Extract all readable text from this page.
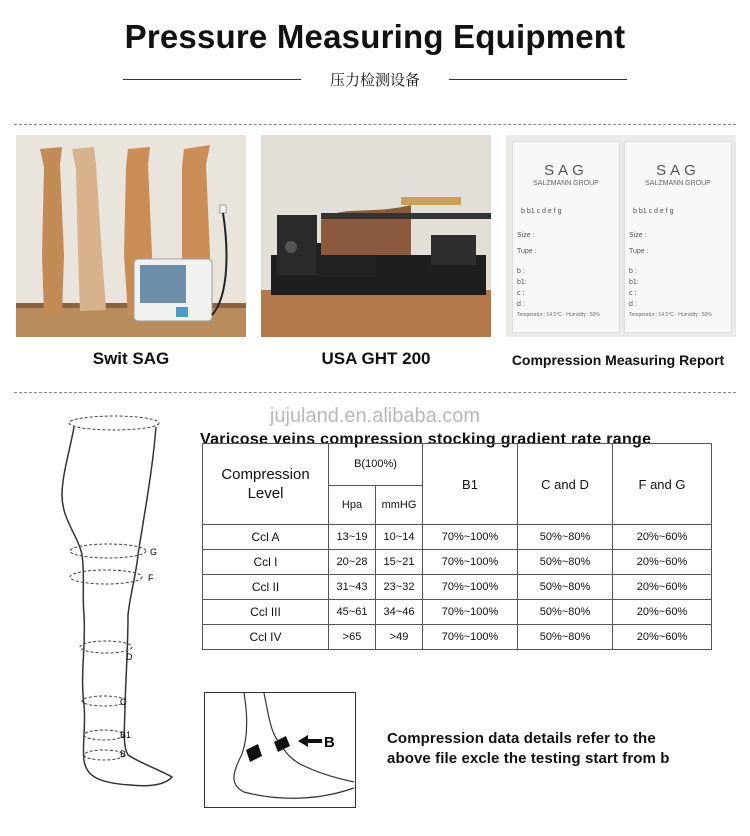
Pressure Measuring Equipment
压力检测设备
Swit SAG	USA GHT 200
SAG
SALZMANN GROUP
b b1 c d e f g
Size :
Tupe :
b :
b1:
c :
d :
Temperatur : 14.5°C - Humidity : 50%
SAG
SALZMANN GROUP
b b1 c d e f g
Size :
Tupe :
b :
b1:
c :
d :
Temperatur : 14.5°C - Humidity : 50%
Compression Measuring Report
jujuland.en.alibaba.com
G
F
D
C
B1
B
Varicose veins compression stocking gradient rate range
Compression Level	B(100%)		B1	C and D	F and G
	Hpa	mmHG			
Ccl A	13~19	10~14	70%~100%	50%~80%	20%~60%
Ccl I	20~28	15~21	70%~100%	50%~80%	20%~60%
Ccl II	31~43	23~32	70%~100%	50%~80%	20%~60%
Ccl III	45~61	34~46	70%~100%	50%~80%	20%~60%
Ccl IV	>65	>49	70%~100%	50%~80%	20%~60%
B	Compression data details refer to the
above file excle the testing start from b
